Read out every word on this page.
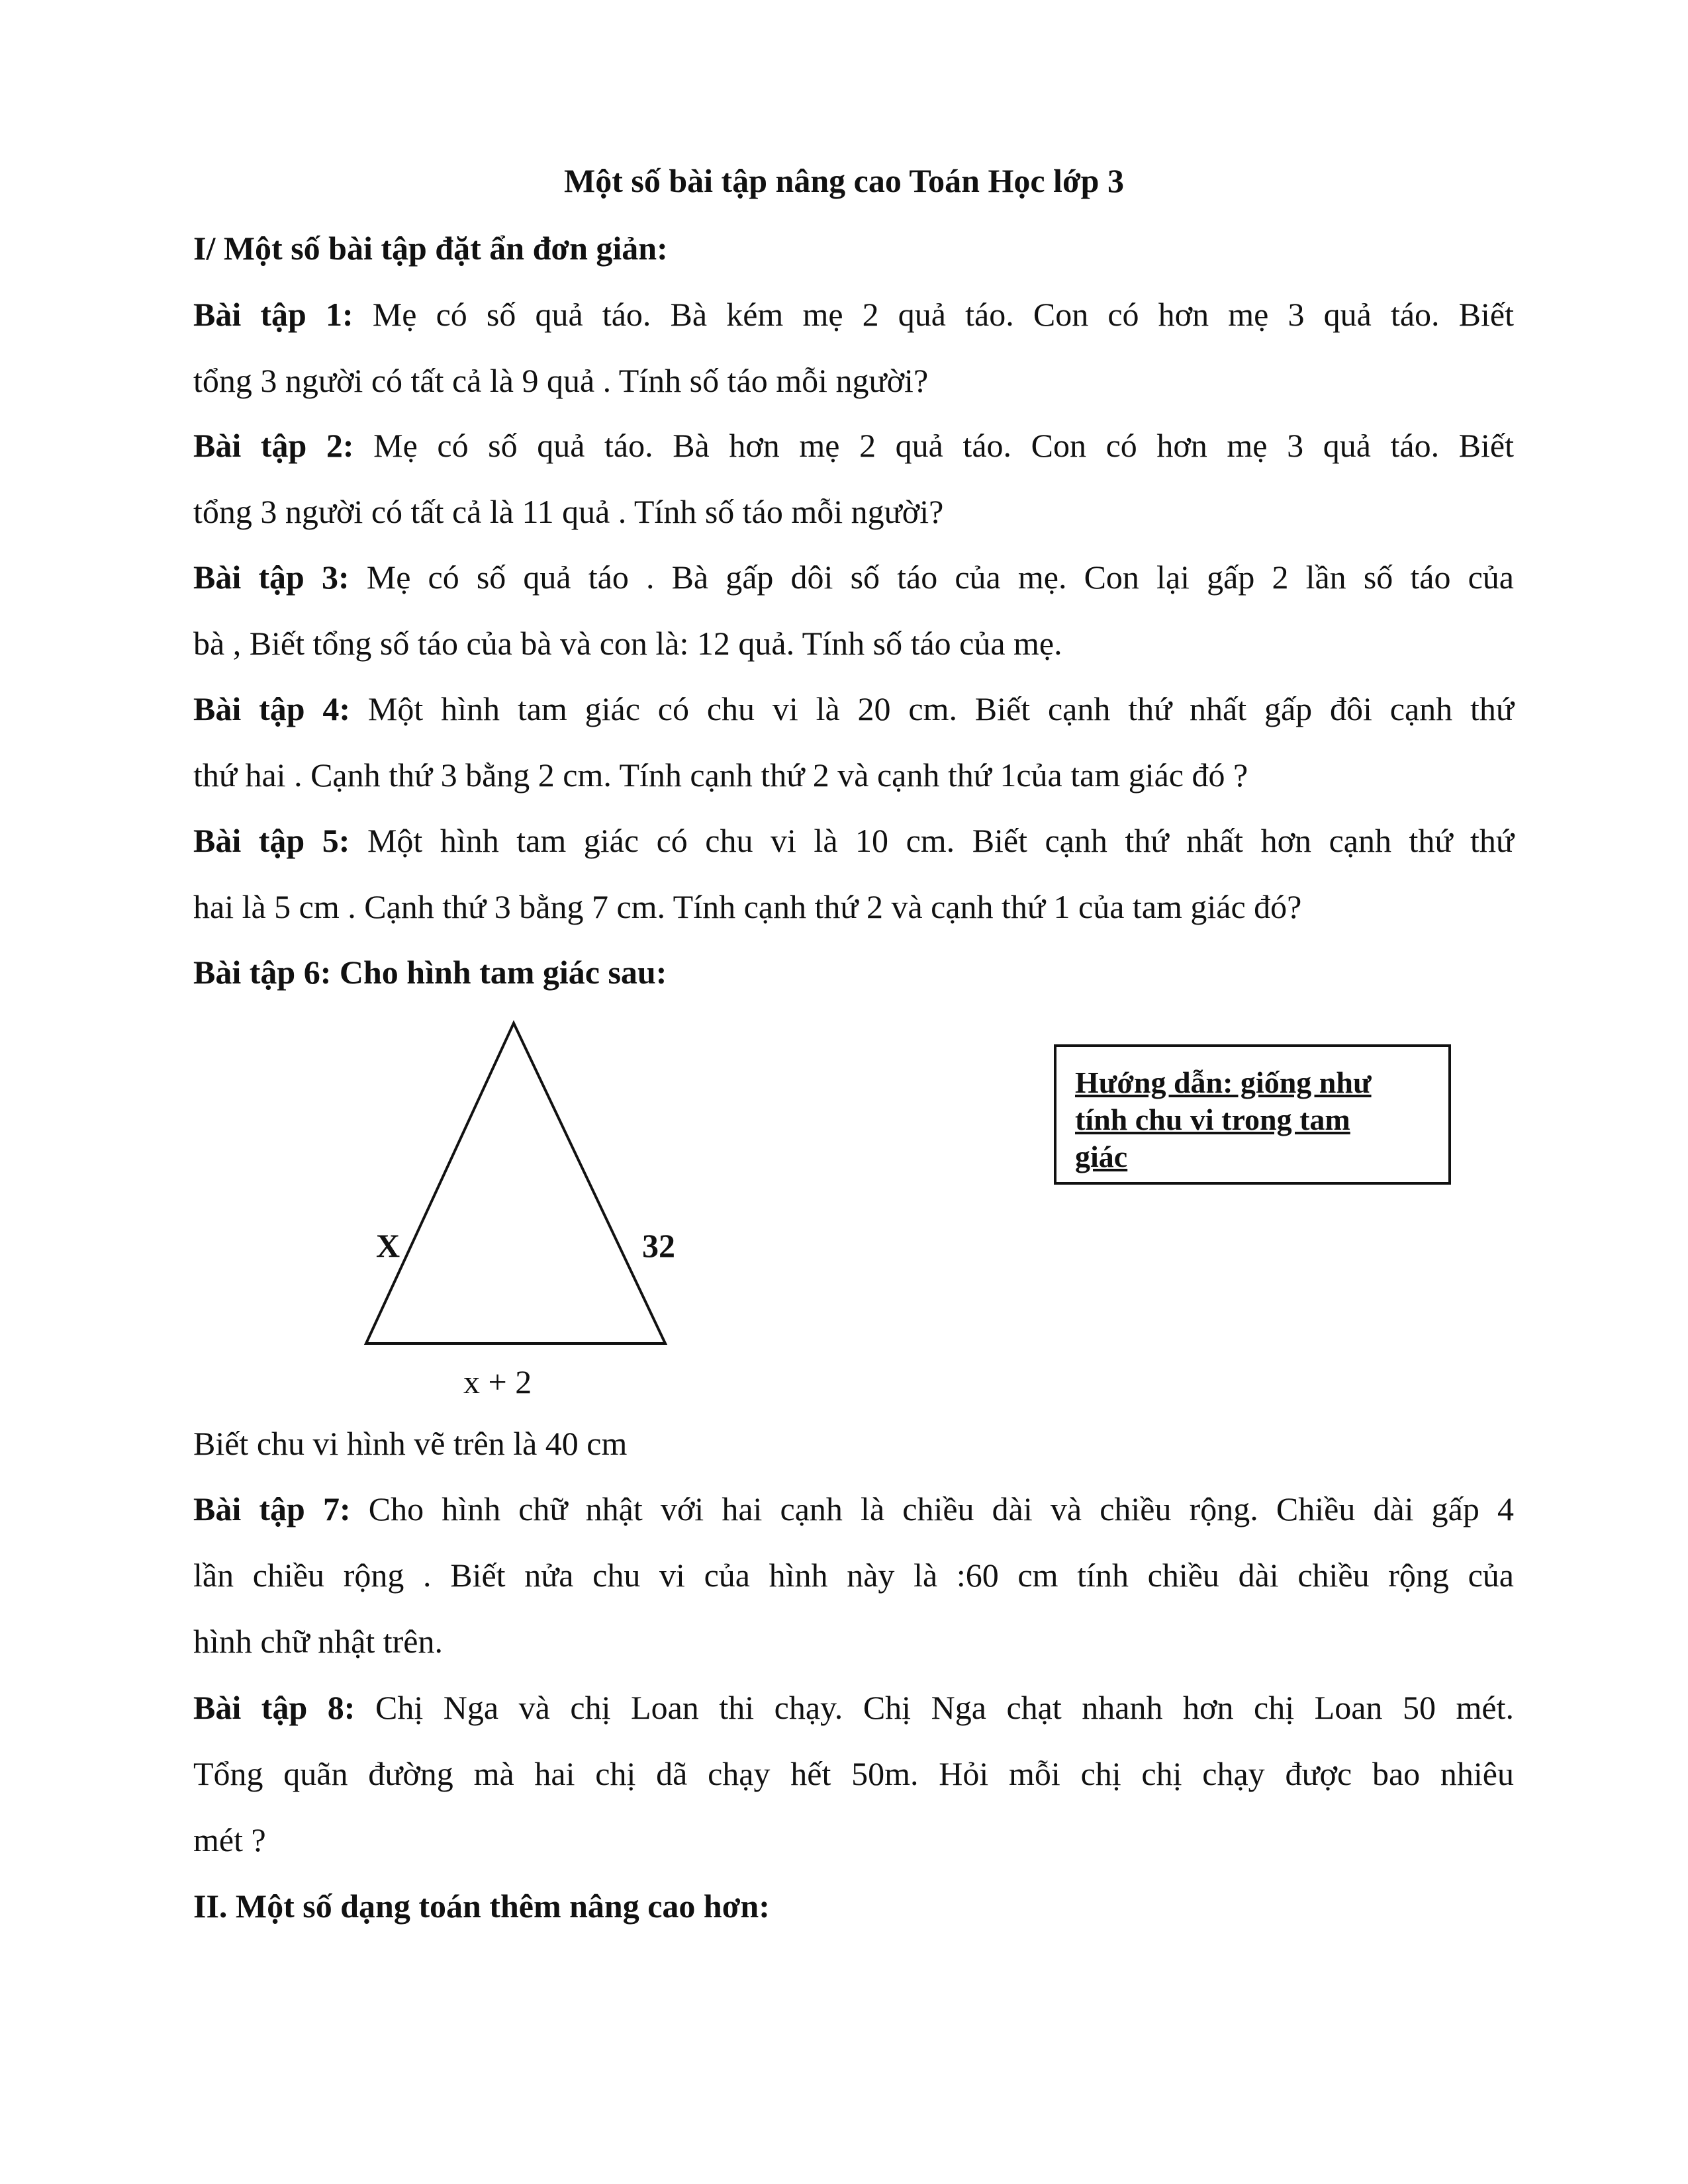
Một số bài tập nâng cao Toán Học lớp 3
I/ Một số bài tập đặt ẩn đơn giản:
Bài tập 1: Mẹ có số quả táo. Bà kém mẹ 2 quả táo. Con có hơn mẹ 3 quả táo. Biết
tổng 3 người có tất cả là 9 quả . Tính số táo mỗi người?
Bài tập 2: Mẹ có số quả táo. Bà hơn mẹ 2 quả táo. Con có hơn mẹ 3 quả táo. Biết
tổng 3 người có tất cả là 11 quả . Tính số táo mỗi người?
Bài tập 3: Mẹ có số quả táo . Bà gấp dôi số táo của mẹ. Con lại gấp 2 lần số táo của
bà , Biết tổng số táo của bà và con là: 12 quả. Tính số táo của mẹ.
Bài tập 4: Một hình tam giác có chu vi là 20 cm. Biết cạnh thứ nhất gấp đôi cạnh thứ
thứ hai . Cạnh thứ 3 bằng 2 cm. Tính cạnh thứ 2 và cạnh thứ 1của tam giác đó ?
Bài tập 5: Một hình tam giác có chu vi là 10 cm. Biết cạnh thứ nhất hơn cạnh thứ thứ
hai là 5 cm . Cạnh thứ 3 bằng 7 cm. Tính cạnh thứ 2 và cạnh thứ 1 của tam giác đó?
Bài tập 6: Cho hình tam giác sau:
X	32
x + 2
Hướng dẫn: giống như
tính chu vi trong tam
giác
Biết chu vi hình vẽ trên là 40 cm
Bài tập 7: Cho hình chữ nhật với hai cạnh là chiều dài và chiều rộng. Chiều dài gấp 4
lần chiều rộng . Biết nửa chu vi của hình này là :60 cm tính chiều dài chiều rộng của
hình chữ nhật trên.
Bài tập 8: Chị Nga và chị Loan thi chạy. Chị Nga chạt nhanh hơn chị Loan 50 mét.
Tổng quãn đường mà hai chị dã chạy hết 50m. Hỏi mỗi chị chị chạy được bao nhiêu
mét ?
II. Một số dạng toán thêm nâng cao hơn:
